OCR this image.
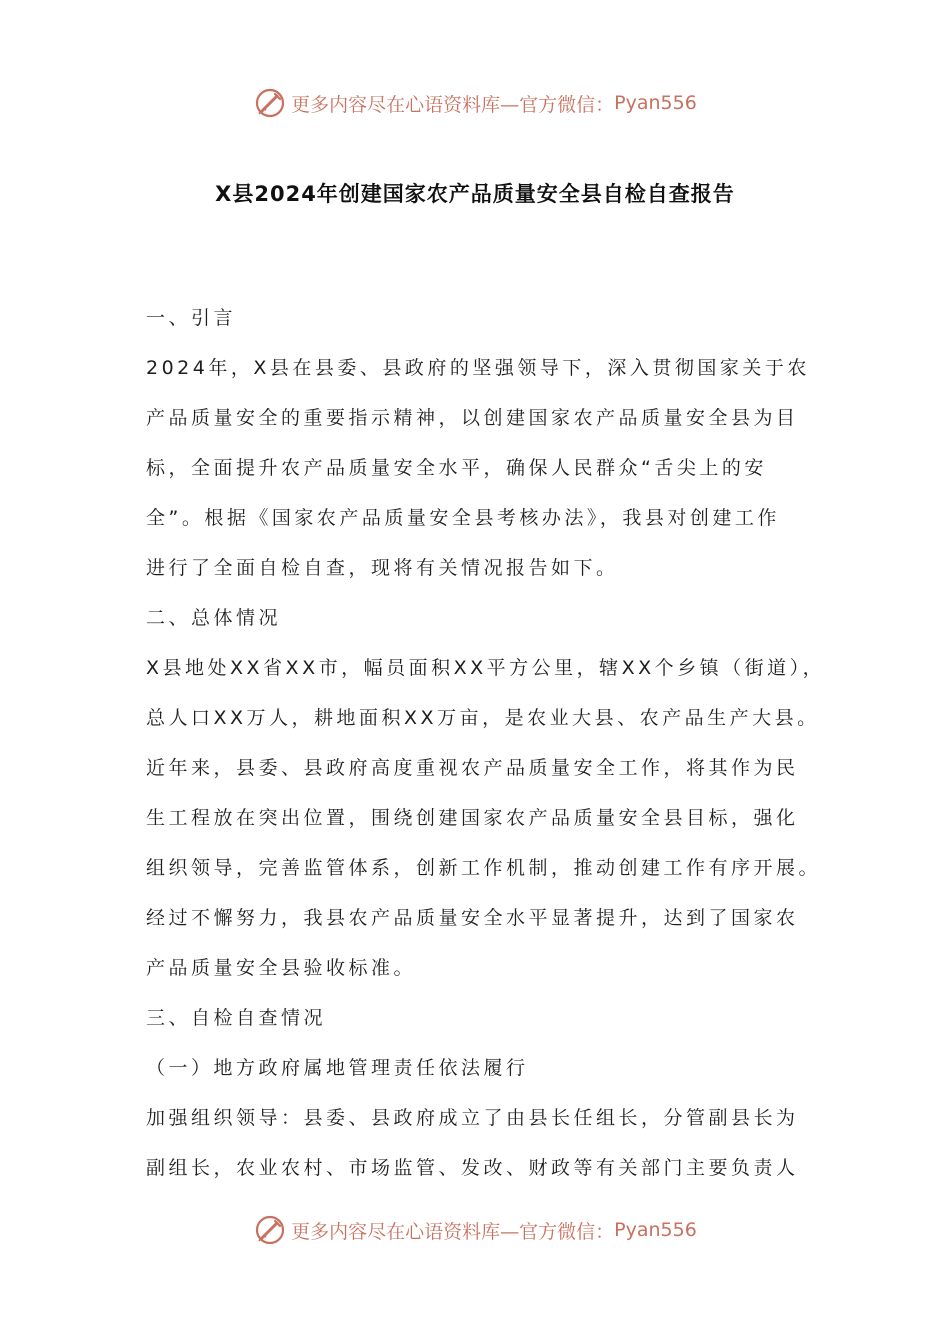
更多内容尽在心语资料库—官方微信： Pyan556
X县2024年创建国家农产品质量安全县自检自查报告
一、引言
2024年，X县在县委、县政府的坚强领导下，深入贯彻国家关于农
产品质量安全的重要指示精神，以创建国家农产品质量安全县为目
标，全面提升农产品质量安全水平，确保人民群众“舌尖上的安
全”。根据《国家农产品质量安全县考核办法》，我县对创建工作
进行了全面自检自查，现将有关情况报告如下。
二、总体情况
X县地处XX省XX市，幅员面积XX平方公里，辖XX个乡镇（街道），
总人口XX万人，耕地面积XX万亩，是农业大县、农产品生产大县。
近年来，县委、县政府高度重视农产品质量安全工作，将其作为民
生工程放在突出位置，围绕创建国家农产品质量安全县目标，强化
组织领导，完善监管体系，创新工作机制，推动创建工作有序开展。
经过不懈努力，我县农产品质量安全水平显著提升，达到了国家农
产品质量安全县验收标准。
三、自检自查情况
（一）地方政府属地管理责任依法履行
加强组织领导：县委、县政府成立了由县长任组长，分管副县长为
副组长，农业农村、市场监管、发改、财政等有关部门主要负责人
更多内容尽在心语资料库—官方微信： Pyan556
